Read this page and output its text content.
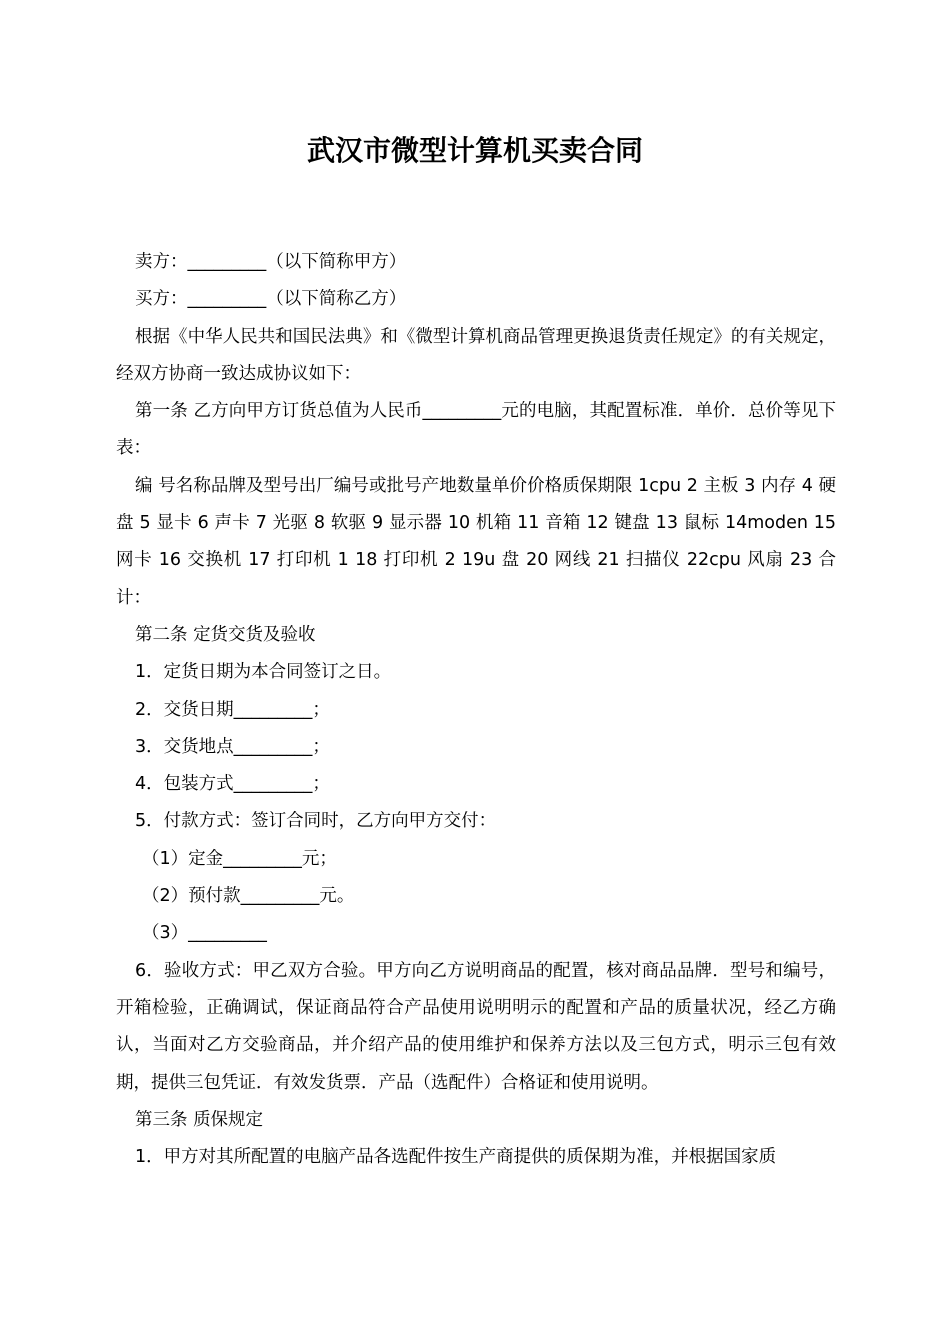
武汉市微型计算机买卖合同

卖方：_________（以下简称甲方）

买方：_________（以下简称乙方）

根据《中华人民共和国民法典》和《微型计算机商品管理更换退货责任规定》的有关规定，经双方协商一致达成协议如下：

第一条 乙方向甲方订货总值为人民币_________元的电脑，其配置标准．单价．总价等见下表：

编 号名称品牌及型号出厂编号或批号产地数量单价价格质保期限 1cpu 2 主板 3 内存 4 硬盘 5 显卡 6 声卡 7 光驱 8 软驱 9 显示器 10 机箱 11 音箱 12 键盘 13 鼠标 14moden 15 网卡 16 交换机 17 打印机 1 18 打印机 2 19u 盘 20 网线 21 扫描仪 22cpu 风扇 23 合计：

第二条 定货交货及验收

1．定货日期为本合同签订之日。

2．交货日期_________；

3．交货地点_________；

4．包装方式_________；

5．付款方式：签订合同时，乙方向甲方交付：

（1）定金_________元；

（2）预付款_________元。

（3）_________

6．验收方式：甲乙双方合验。甲方向乙方说明商品的配置，核对商品品牌．型号和编号，开箱检验，正确调试，保证商品符合产品使用说明明示的配置和产品的质量状况，经乙方确认，当面对乙方交验商品，并介绍产品的使用维护和保养方法以及三包方式，明示三包有效期，提供三包凭证．有效发货票．产品（选配件）合格证和使用说明。

第三条 质保规定

1．甲方对其所配置的电脑产品各选配件按生产商提供的质保期为准，并根据国家质
